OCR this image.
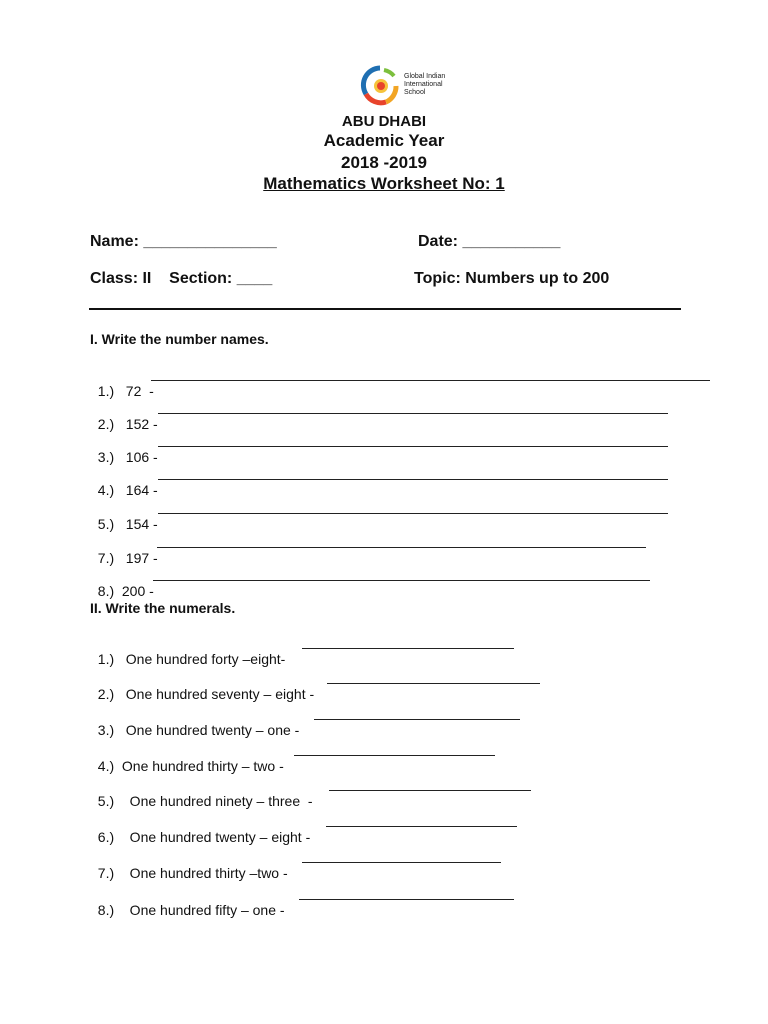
Global Indian
International
School
ABU DHABI
Academic Year
2018 -2019
Mathematics Worksheet No: 1
Name: _______________	Date: ___________
Class: II    Section: ____	Topic: Numbers up to 200
I. Write the number names.

1.)   72  -

2.)   152 -

3.)   106 -

4.)   164 -

5.)   154 -

7.)   197 -

8.)  200 -

II. Write the numerals.

1.)   One hundred forty –eight-

2.)   One hundred seventy – eight -

3.)   One hundred twenty – one -

4.)  One hundred thirty – two -

5.)    One hundred ninety – three  -

6.)    One hundred twenty – eight -

7.)    One hundred thirty –two -

8.)    One hundred fifty – one -
